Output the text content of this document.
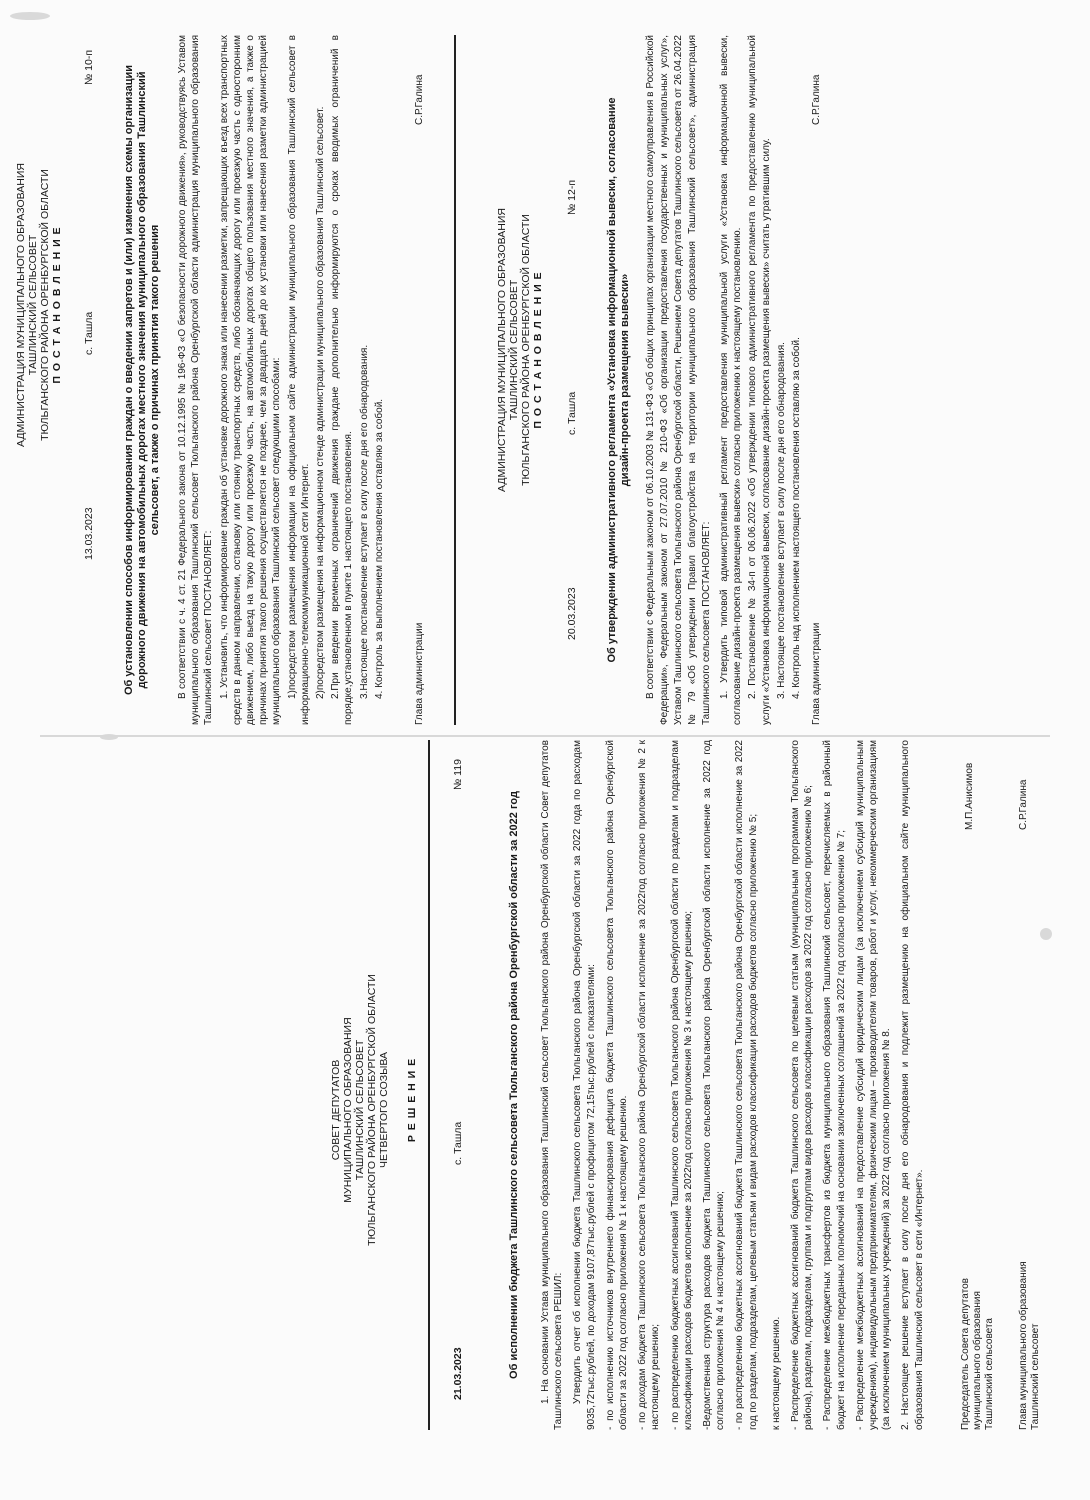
СОВЕТ ДЕПУТАТОВ МУНИЦИПАЛЬНОГО ОБРАЗОВАНИЯ ТАШЛИНСКИЙ СЕЛЬСОВЕТ ТЮЛЬГАНСКОГО РАЙОНА ОРЕНБУРГСКОЙ ОБЛАСТИ ЧЕТВЕРТОГО СОЗЫВА Р Е Ш Е Н И Е
21.03.2023
с. Ташла
№ 119
Об исполнении бюджета Ташлинского сельсовета Тюльганского района Оренбургской области за 2022 год 1. На основании Устава муниципального образования Ташлинский сельсовет Тюльганского района Оренбургской области Совет депутатов Ташлинского сельсовета РЕШИЛ: Утвердить отчет об исполнении бюджета Ташлинского сельсовета Тюльганского района Оренбургской области за 2022 года по расходам 9035,72тыс.рублей, по доходам 9107,87тыс.рублей с профицитом 72,15тыс.рублей с показателями: - по исполнению источников внутреннего финансирования дефицита бюджета Ташлинского сельсовета Тюльганского района Оренбургской области за 2022 год согласно приложения № 1 к настоящему решению. - по доходам бюджета Ташлинского сельсовета Тюльганского района Оренбургской области исполнение за 2022год согласно приложения № 2 к настоящему решению; - по распределению бюджетных ассигнований Ташлинского сельсовета Тюльганского района Оренбургской области по разделам и подразделам классификации расходов бюджетов исполнение за 2022год согласно приложения № 3 к настоящему решению; -Ведомственная структура расходов бюджета Ташлинского сельсовета Тюльганского района Оренбургской области исполнение за 2022 год согласно приложения № 4 к настоящему решению; - по распределению бюджетных ассигнований бюджета Ташлинского сельсовета Тюльганского района Оренбургской области исполнение за 2022 год по разделам, подразделам, целевым статьям и видам расходов классификации расходов бюджетов согласно приложению № 5; к настоящему решению. - Распределение бюджетных ассигнований бюджета Ташлинского сельсовета по целевым статьям (муниципальным программам Тюльганского района), разделам, подразделам, группам и подгруппам видов расходов классификации расходов за 2022 год согласно приложению № 6; - Распределение межбюджетных трансфертов из бюджета муниципального образования Ташлинский сельсовет, перечисляемых в районный бюджет на исполнение переданных полномочий на основании заключенных соглашений за 2022 год согласно приложению № 7; - Распределение межбюджетных ассигнований на предоставление субсидий юридическим лицам (за исключением субсидий муниципальным учреждениям), индивидуальным предпринимателям, физическим лицам – производителям товаров, работ и услуг, некоммерческим организациям (за исключением муниципальных учреждений) за 2022 год согласно приложения № 8. 2. Настоящее решение вступает в силу после дня его обнародования и подлежит размещению на официальном сайте муниципального образования Ташлинский сельсовет в сети «Интернет».	Председатель Совета депутатов муниципального образования Ташлинский сельсовета
М.П.Анисимов
Глава муниципального образования Ташлинский сельсовет
С.Р.Галина
АДМИНИСТРАЦИЯ МУНИЦИПАЛЬНОГО ОБРАЗОВАНИЯ ТАШЛИНСКИЙ СЕЛЬСОВЕТ ТЮЛЬГАНСКОГО РАЙОНА ОРЕНБУРГСКОЙ ОБЛАСТИ П О С Т А Н О В Л Е Н И Е
13.03.2023
с. Ташла
№ 10-п	Об установлении способов информирования граждан о введении запретов и (или) изменения схемы организации дорожного движения на автомобильных дорогах местного значения муниципального образования Ташлинский сельсовет, а также о причинах принятия такого решения В соответствии с ч. 4 ст. 21 Федерального закона от 10.12.1995 № 196-ФЗ «О безопасности дорожного движения», руководствуясь Уставом муниципального образования Ташлинский сельсовет Тюльганского района Оренбургской области администрация муниципального образования Ташлинский сельсовет ПОСТАНОВЛЯЕТ: 1. Установить, что информирование граждан об установке дорожного знака или нанесении разметки, запрещающих въезд всех транспортных средств в данном направлении, остановку или стоянку транспортных средств, либо обозначающих дорогу или проезжую часть с односторонним движением, либо выезд на такую дорогу или проезжую часть, на автомобильных дорогах общего пользования местного значения, а также о причинах принятия такого решения осуществляется не позднее, чем за двадцать дней до их установки или нанесения разметки администрацией муниципального образования Ташлинский сельсовет следующими способами: 1)посредством размещения информации на официальном сайте администрации муниципального образования Ташлинский сельсовет в информационно-телекоммуникационной сети Интернет. 2)посредством размещения на информационном стенде администрации муниципального образования Ташлинский сельсовет. 2.При введении временных ограничений движения граждане дополнительно информируются о сроках вводимых ограничений в порядке,установленном в пункте 1 настоящего постановления. 3.Настоящее постановление вступает в силу после дня его обнародования. 4. Контроль за выполнением постановления оставляю за собой.	Глава администрации
С.Р.Галина
АДМИНИСТРАЦИЯ МУНИЦИПАЛЬНОГО ОБРАЗОВАНИЯ ТАШЛИНСКИЙ СЕЛЬСОВЕТ ТЮЛЬГАНСКОГО РАЙОНА ОРЕНБУРГСКОЙ ОБЛАСТИ П О С Т А Н О В Л Е Н И Е
20.03.2023
с. Ташла
№ 12-п	Об утверждении административного регламента «Установка информационной вывески, согласование дизайн-проекта размещения вывески» В соответствии с Федеральным законом от 06.10.2003 № 131-ФЗ «Об общих принципах организации местного самоуправления в Российской Федерации», Федеральным законом от 27.07.2010 № 210-ФЗ «Об организации предоставления государственных и муниципальных услуг», Уставом Ташлинского сельсовета Тюльганского района Оренбургской области, Решением Совета депутатов Ташлинского сельсовета от 26.04.2022 № 79 «Об утверждении Правил благоустройства на территории муниципального образования Ташлинский сельсовет», администрация Ташлинского сельсовета ПОСТАНОВЛЯЕТ: 1. Утвердить типовой административный регламент предоставления муниципальной услуги «Установка информационной вывески, согласование дизайн-проекта размещения вывески» согласно приложению к настоящему постановлению. 2. Постановление № 34-п от 06.06.2022 «Об утверждении типового административного регламента по предоставлению муниципальной услуги «Установка информационной вывески, согласование дизайн-проекта размещения вывески» считать утратившим силу. 3. Настоящее постановление вступает в силу после дня его обнародования. 4. Контроль над исполнением настоящего постановления оставляю за собой. Глава администрации
С.Р.Галина
